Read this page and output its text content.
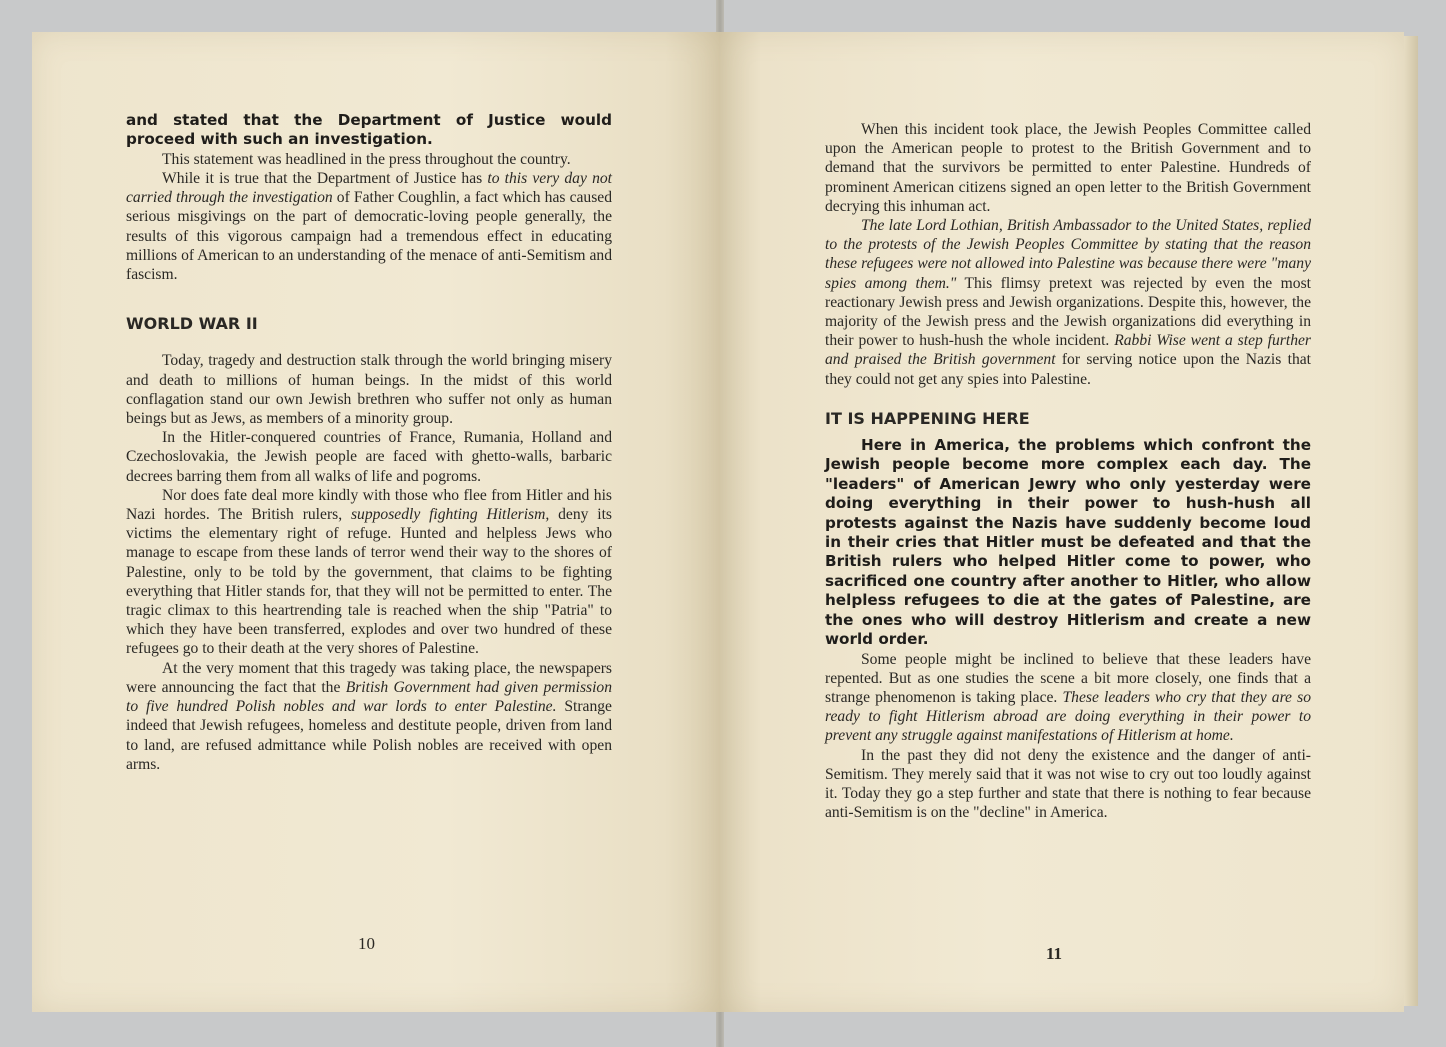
and stated that the Department of Justice would proceed with such an investigation.

This statement was headlined in the press throughout the country.

While it is true that the Department of Justice has to this very day not carried through the investigation of Father Coughlin, a fact which has caused serious misgivings on the part of democratic-loving people generally, the results of this vigorous campaign had a tremendous effect in educating millions of American to an understanding of the menace of anti-Semitism and fascism.

WORLD WAR II

Today, tragedy and destruction stalk through the world bringing misery and death to millions of human beings. In the midst of this world conflagation stand our own Jewish brethren who suffer not only as human beings but as Jews, as members of a minority group.

In the Hitler-conquered countries of France, Rumania, Holland and Czechoslovakia, the Jewish people are faced with ghetto-walls, barbaric decrees barring them from all walks of life and pogroms.

Nor does fate deal more kindly with those who flee from Hitler and his Nazi hordes. The British rulers, supposedly fighting Hitlerism, deny its victims the elementary right of refuge. Hunted and helpless Jews who manage to escape from these lands of terror wend their way to the shores of Palestine, only to be told by the government, that claims to be fighting everything that Hitler stands for, that they will not be permitted to enter. The tragic climax to this heartrending tale is reached when the ship "Patria" to which they have been transferred, explodes and over two hundred of these refugees go to their death at the very shores of Palestine.

At the very moment that this tragedy was taking place, the newspapers were announcing the fact that the British Government had given permission to five hundred Polish nobles and war lords to enter Palestine. Strange indeed that Jewish refugees, homeless and destitute people, driven from land to land, are refused admittance while Polish nobles are received with open arms.

10

When this incident took place, the Jewish Peoples Committee called upon the American people to protest to the British Government and to demand that the survivors be permitted to enter Palestine. Hundreds of prominent American citizens signed an open letter to the British Government decrying this inhuman act.

The late Lord Lothian, British Ambassador to the United States, replied to the protests of the Jewish Peoples Committee by stating that the reason these refugees were not allowed into Palestine was because there were "many spies among them." This flimsy pretext was rejected by even the most reactionary Jewish press and Jewish organizations. Despite this, however, the majority of the Jewish press and the Jewish organizations did everything in their power to hush-hush the whole incident. Rabbi Wise went a step further and praised the British government for serving notice upon the Nazis that they could not get any spies into Palestine.

IT IS HAPPENING HERE

Here in America, the problems which confront the Jewish people become more complex each day. The "leaders" of American Jewry who only yesterday were doing everything in their power to hush-hush all protests against the Nazis have suddenly become loud in their cries that Hitler must be defeated and that the British rulers who helped Hitler come to power, who sacrificed one country after another to Hitler, who allow helpless refugees to die at the gates of Palestine, are the ones who will destroy Hitlerism and create a new world order.

Some people might be inclined to believe that these leaders have repented. But as one studies the scene a bit more closely, one finds that a strange phenomenon is taking place. These leaders who cry that they are so ready to fight Hitlerism abroad are doing everything in their power to prevent any struggle against manifestations of Hitlerism at home.

In the past they did not deny the existence and the danger of anti-Semitism. They merely said that it was not wise to cry out too loudly against it. Today they go a step further and state that there is nothing to fear because anti-Semitism is on the "decline" in America.

11
